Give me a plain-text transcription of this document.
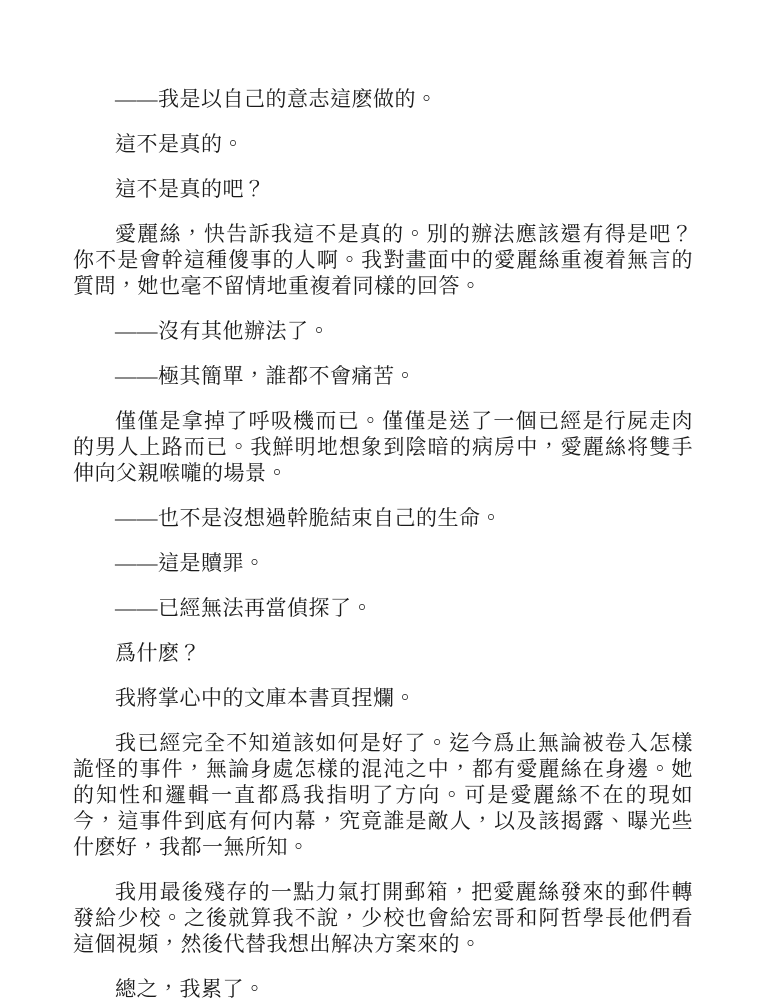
——我是以自己的意志這麽做的。

這不是真的。

這不是真的吧？

愛麗絲，快告訴我這不是真的。別的辦法應該還有得是吧？你不是會幹這種傻事的人啊。我對畫面中的愛麗絲重複着無言的質問，她也毫不留情地重複着同樣的回答。

——沒有其他辦法了。

——極其簡單，誰都不會痛苦。

僅僅是拿掉了呼吸機而已。僅僅是送了一個已經是行屍走肉的男人上路而已。我鮮明地想象到陰暗的病房中，愛麗絲将雙手伸向父親喉嚨的場景。

——也不是沒想過幹脆結束自己的生命。

——這是贖罪。

——已經無法再當偵探了。

爲什麽？

我將掌心中的文庫本書頁捏爛。

我已經完全不知道該如何是好了。迄今爲止無論被卷入怎樣詭怪的事件，無論身處怎樣的混沌之中，都有愛麗絲在身邊。她的知性和邏輯一直都爲我指明了方向。可是愛麗絲不在的現如今，這事件到底有何内幕，究竟誰是敵人，以及該揭露、曝光些什麽好，我都一無所知。

我用最後殘存的一點力氣打開郵箱，把愛麗絲發來的郵件轉發給少校。之後就算我不說，少校也會給宏哥和阿哲學長他們看這個視頻，然後代替我想出解决方案來的。

總之，我累了。
